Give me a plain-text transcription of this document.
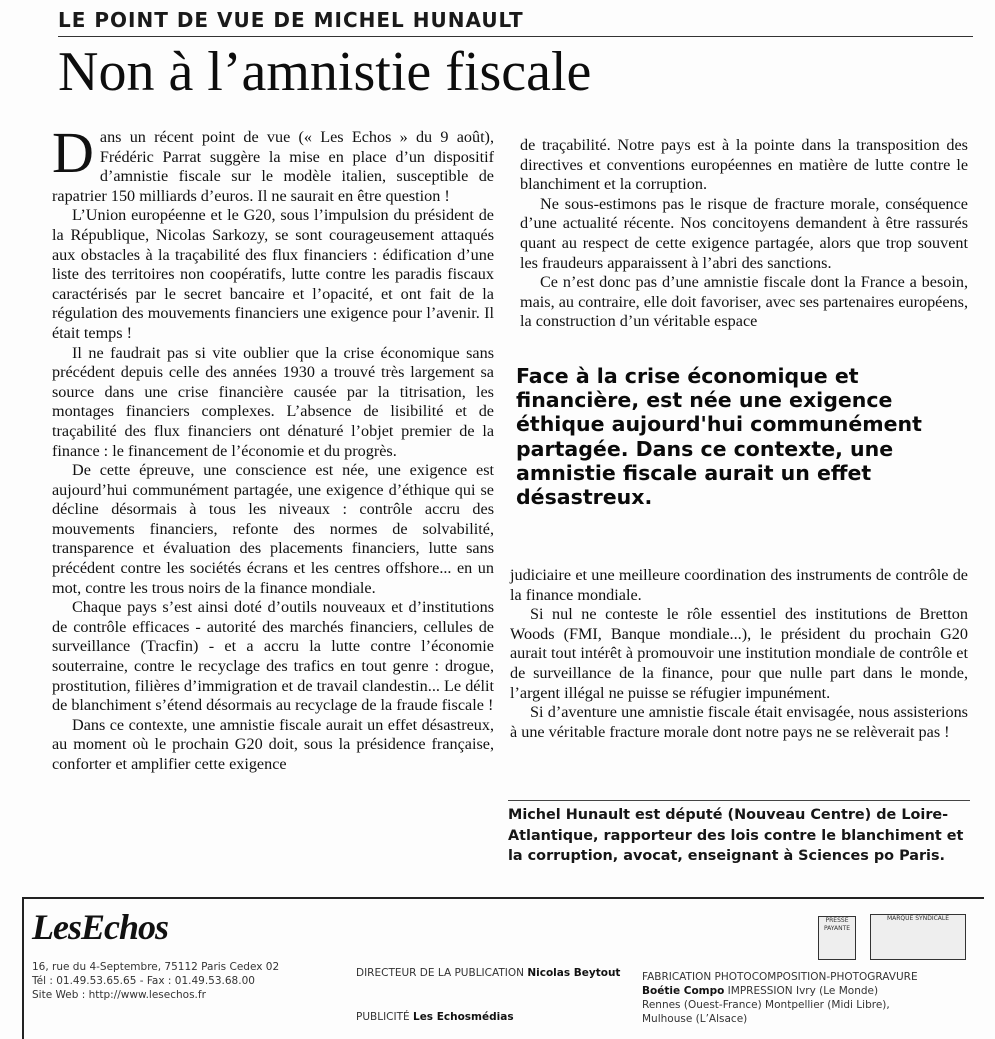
LE POINT DE VUE DE MICHEL HUNAULT
Non à l’amnistie fiscale

Dans un récent point de vue (« Les Echos » du 9 août), Frédéric Parrat suggère la mise en place d’un dispositif d’amnistie fiscale sur le modèle italien, susceptible de rapatrier 150 milliards d’euros. Il ne saurait en être question !

L’Union européenne et le G20, sous l’impulsion du président de la République, Nicolas Sarkozy, se sont courageusement attaqués aux obstacles à la traçabilité des flux financiers : édification d’une liste des territoires non coopératifs, lutte contre les paradis fiscaux caractérisés par le secret bancaire et l’opacité, et ont fait de la régulation des mouvements financiers une exigence pour l’avenir. Il était temps !

Il ne faudrait pas si vite oublier que la crise économique sans précédent depuis celle des années 1930 a trouvé très largement sa source dans une crise financière causée par la titrisation, les montages financiers complexes. L’absence de lisibilité et de traçabilité des flux financiers ont dénaturé l’objet premier de la finance : le financement de l’économie et du progrès.

De cette épreuve, une conscience est née, une exigence est aujourd’hui communément partagée, une exigence d’éthique qui se décline désormais à tous les niveaux : contrôle accru des mouvements financiers, refonte des normes de solvabilité, transparence et évaluation des placements financiers, lutte sans précédent contre les sociétés écrans et les centres offshore... en un mot, contre les trous noirs de la finance mondiale.

Chaque pays s’est ainsi doté d’outils nouveaux et d’institutions de contrôle efficaces - autorité des marchés financiers, cellules de surveillance (Tracfin) - et a accru la lutte contre l’économie souterraine, contre le recyclage des trafics en tout genre : drogue, prostitution, filières d’immigration et de travail clandestin... Le délit de blanchiment s’étend désormais au recyclage de la fraude fiscale !

Dans ce contexte, une amnistie fiscale aurait un effet désastreux, au moment où le prochain G20 doit, sous la présidence française, conforter et amplifier cette exigence

de traçabilité. Notre pays est à la pointe dans la transposition des directives et conventions européennes en matière de lutte contre le blanchiment et la corruption.

Ne sous-estimons pas le risque de fracture morale, conséquence d’une actualité récente. Nos concitoyens demandent à être rassurés quant au respect de cette exigence partagée, alors que trop souvent les fraudeurs apparaissent à l’abri des sanctions.

Ce n’est donc pas d’une amnistie fiscale dont la France a besoin, mais, au contraire, elle doit favoriser, avec ses partenaires européens, la construction d’un véritable espace

Face à la crise économique et financière, est née une exigence éthique aujourd'hui communément partagée. Dans ce contexte, une amnistie fiscale aurait un effet désastreux.

judiciaire et une meilleure coordination des instruments de contrôle de la finance mondiale.

Si nul ne conteste le rôle essentiel des institutions de Bretton Woods (FMI, Banque mondiale...), le président du prochain G20 aurait tout intérêt à promouvoir une institution mondiale de contrôle et de surveillance de la finance, pour que nulle part dans le monde, l’argent illégal ne puisse se réfugier impunément.

Si d’aventure une amnistie fiscale était envisagée, nous assisterions à une véritable fracture morale dont notre pays ne se relèverait pas !

Michel Hunault est député (Nouveau Centre) de Loire-Atlantique, rapporteur des lois contre le blanchiment et la corruption, avocat, enseignant à Sciences po Paris.

LesEchos
16, rue du 4-Septembre, 75112 Paris Cedex 02
Tél : 01.49.53.65.65 - Fax : 01.49.53.68.00
Site Web : http://www.lesechos.fr
DIRECTEUR DE LA PUBLICATION Nicolas Beytout
PUBLICITÉ Les Echosmédias
FABRICATION PHOTOCOMPOSITION-PHOTOGRAVURE
Boétie Compo IMPRESSION Ivry (Le Monde)
Rennes (Ouest-France) Montpellier (Midi Libre),
Mulhouse (L’Alsace)
PRESSE PAYANTE
MARQUE SYNDICALE
